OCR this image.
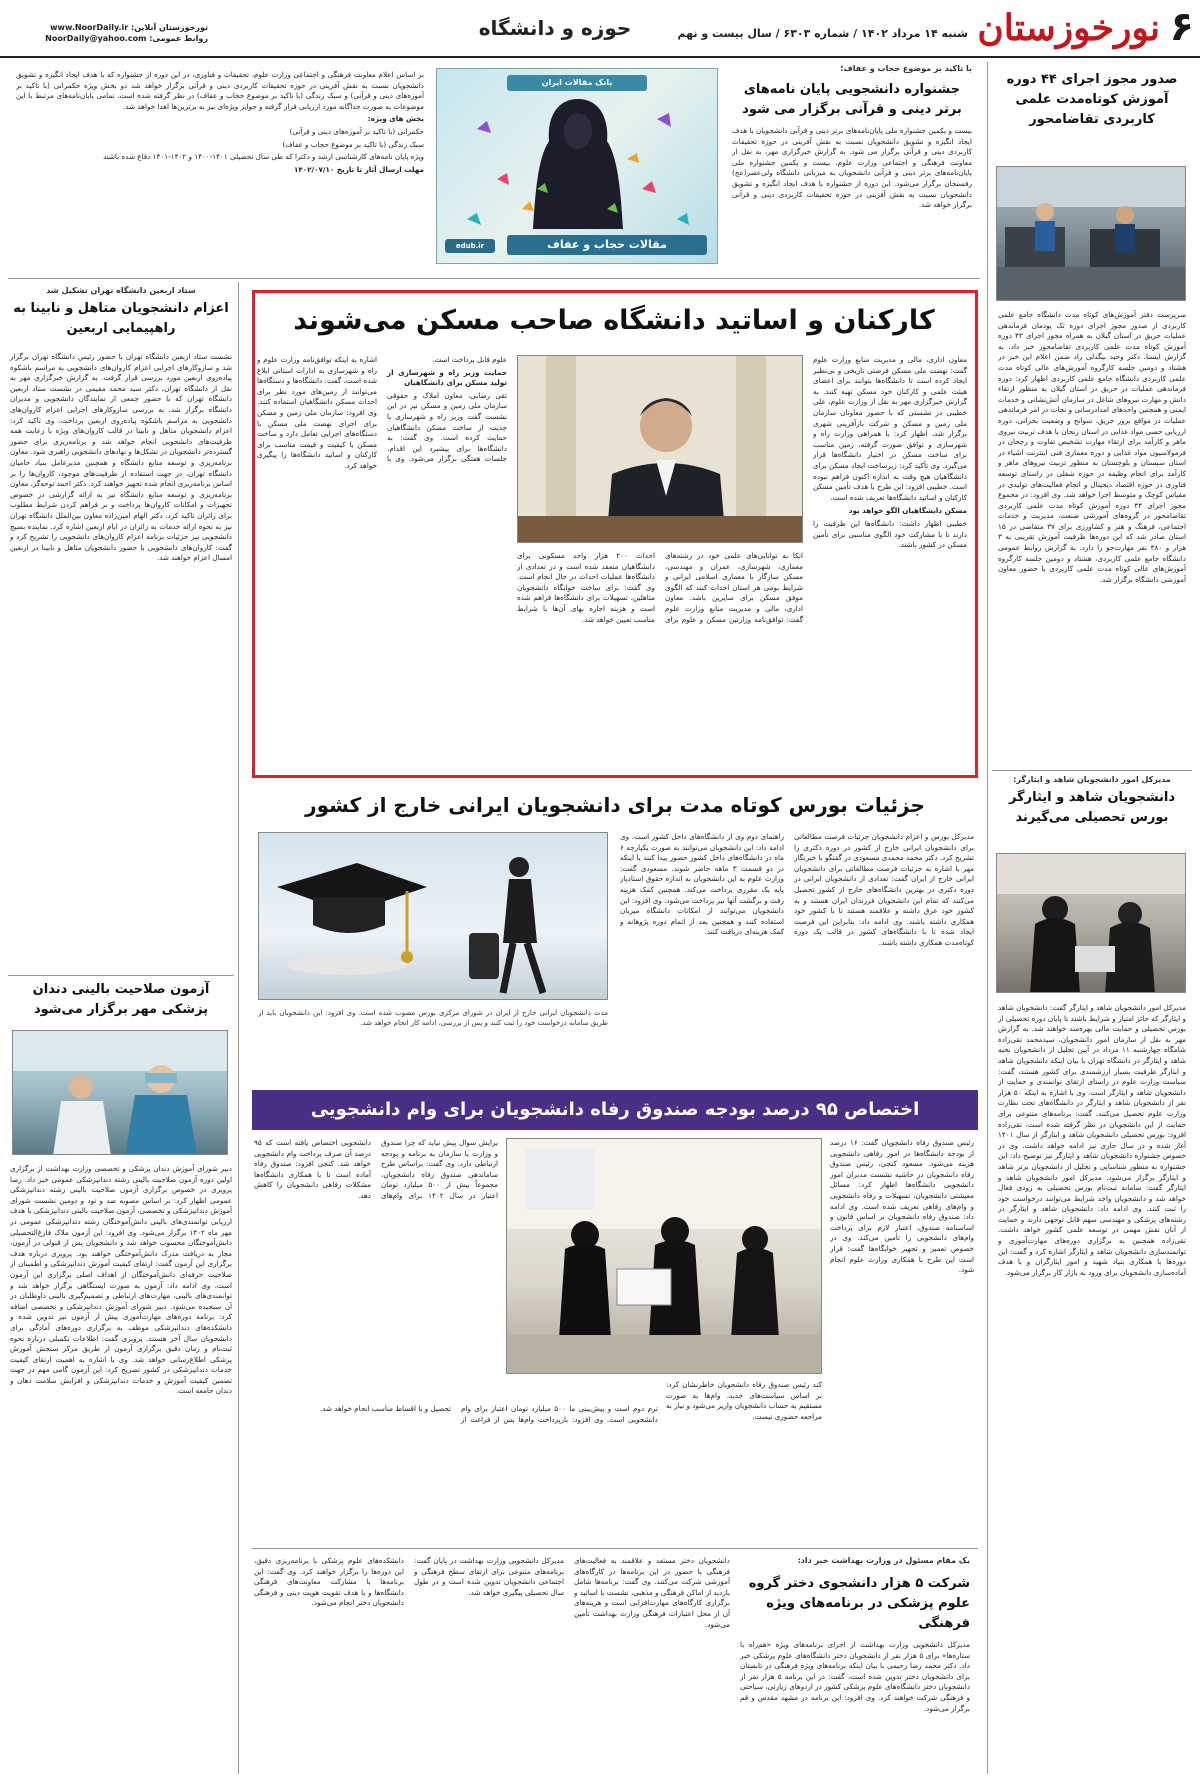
۶
نورخوزستان
شنبه ۱۴ مرداد ۱۴۰۲ / شماره ۶۳۰۳ / سال بیست و نهم
حوزه و دانشگاه
نورخوزستان آنلاین: www.NoorDaily.ir
روابط عمومی: NoorDaily@yahoo.com
صدور مجوز اجرای ۴۴ دوره آموزش کوتاه‌مدت علمی کاربردی تقاضامحور
سرپرست دفتر آموزش‌های کوتاه مدت دانشگاه جامع علمی کاربردی از صدور مجوز اجرای دوره تک پودمان فرماندهی عملیات حریق در استان گیلان به همراه مجوز اجرای ۴۳ دوره آموزش کوتاه مدت علمی کاربردی تقاضامحور خبر داد. به گزارش ایسنا، دکتر وحید بیگدلی راد ضمن اعلام این خبر در هشتاد و دومین جلسه کارگروه آموزش‌های عالی کوتاه مدت علمی کاربردی دانشگاه جامع علمی کاربردی اظهار کرد: دوره فرماندهی عملیات در حریق در استان گیلان به منظور ارتقاء دانش و مهارت نیروهای شاغل در سازمان آتش‌نشانی و خدمات ایمنی و همچنین واحدهای امدادرسانی و نجات در امر فرماندهی عملیات در مواقع بروز حریق، سوانح و وضعیت بحرانی، دوره ارزیابی حسی مواد غذایی در استان زنجان با هدف تربیت نیروی ماهر و کارآمد برای ارتقاء مهارت تشخیص تفاوت و رجحان در فرمولاسیون مواد غذایی و دوره معماری فنی اینترنت اشیاء در استان سیستان و بلوچستان به منظور تربیت نیروهای ماهر و کارآمد برای انجام وظیفه در حوزه شغلی در راستای توسعه فناوری در حوزه اقتصاد دیجیتال و انجام فعالیت‌های تولیدی در مقیاس کوچک و متوسط اجرا خواهد شد. وی افزود: در مجموع مجوز اجرای ۴۴ دوره آموزش کوتاه مدت علمی کاربردی تقاضامحور در گروه‌های آموزشی صنعت، مدیریت و خدمات اجتماعی، فرهنگ و هنر و کشاورزی برای ۳۷ متقاضی در ۱۵ استان صادر شد که این دوره‌ها ظرفیت آموزش تقریبی به ۳ هزار و ۳۸۰ نفر مهارت‌جو را دارد. به گزارش روابط عمومی دانشگاه جامع علمی کاربردی، هشتاد و دومین جلسه کارگروه آموزش‌های عالی کوتاه مدت علمی کاربردی با حضور معاون آموزشی دانشگاه برگزار شد.
مدیرکل امور دانشجویان شاهد و ایثارگر:
دانشجویان شاهد و ایثارگر بورس تحصیلی می‌گیرند
مدیرکل امور دانشجویان شاهد و ایثارگر گفت: دانشجویان شاهد و ایثارگر که حائز امتیاز و شرایط باشند تا پایان دوره تحصیلی از بورس تحصیلی و حمایت مالی بهره‌مند خواهند شد. به گزارش مهر به نقل از سازمان امور دانشجویان، سیدمحمد تقی‌زاده شامگاه چهارشنبه ۱۱ مرداد در آیین تجلیل از دانشجویان نخبه شاهد و ایثارگر در دانشگاه تهران با بیان اینکه دانشجویان شاهد و ایثارگر ظرفیت بسیار ارزشمندی برای کشور هستند، گفت: سیاست وزارت علوم در راستای ارتقای توانمندی و حمایت از دانشجویان شاهد و ایثارگر است. وی با اشاره به اینکه ۵۰ هزار نفر از دانشجویان شاهد و ایثارگر در دانشگاه‌های تحت نظارت وزارت علوم تحصیل می‌کنند، گفت: برنامه‌های متنوعی برای حمایت از این دانشجویان در نظر گرفته شده است. تقی‌زاده افزود: بورس تحصیلی دانشجویان شاهد و ایثارگر از سال ۱۴۰۱ آغاز شده و در سال جاری نیز ادامه خواهد داشت. وی در خصوص جشنواره دانشجویان شاهد و ایثارگر نیز توضیح داد: این جشنواره به منظور شناسایی و تجلیل از دانشجویان برتر شاهد و ایثارگر برگزار می‌شود. مدیرکل امور دانشجویان شاهد و ایثارگر گفت: سامانه ثبت‌نام بورس تحصیلی به زودی فعال خواهد شد و دانشجویان واجد شرایط می‌توانند درخواست خود را ثبت کنند. وی ادامه داد: دانشجویان شاهد و ایثارگر در رشته‌های پزشکی و مهندسی سهم قابل توجهی دارند و حمایت از آنان نقش مهمی در توسعه علمی کشور خواهد داشت. تقی‌زاده همچنین به برگزاری دوره‌های مهارت‌آموزی و توانمندسازی دانشجویان شاهد و ایثارگر اشاره کرد و گفت: این دوره‌ها با همکاری بنیاد شهید و امور ایثارگران و با هدف آماده‌سازی دانشجویان برای ورود به بازار کار برگزار می‌شود.
با تاکید بر موضوع حجاب و عفاف؛
جشنواره دانشجویی پایان نامه‌های برتر دینی و قرآنی برگزار می شود
بیست و یکمین جشنواره ملی پایان‌نامه‌های برتر دینی و قرآنی دانشجویان با هدف ایجاد انگیزه و تشویق دانشجویان نسبت به نقش آفرینی در حوزه تحقیقات کاربردی دینی و قرآنی برگزار می شود. به گزارش خبرگزاری مهر، به نقل از معاونت فرهنگی و اجتماعی وزارت علوم، بیست و یکمین جشنواره ملی پایان‌نامه‌های برتر دینی و قرآنی دانشجویان به میزبانی دانشگاه ولی‌عصر(عج) رفسنجان برگزار می‌شود. این دوره از جشنواره با هدف ایجاد انگیزه و تشویق دانشجویان نسبت به نقش آفرینی در حوزه تحقیقات کاربردی دینی و قرآنی برگزار خواهد شد.
بانک مقالات ایران
edub.ir	مقالات حجاب و عفاف

بر اساس اعلام معاونت فرهنگی و اجتماعی وزارت علوم، تحقیقات و فناوری، در این دوره از جشنواره که با هدف ایجاد انگیزه و تشویق دانشجویان نسبت به نقش آفرینی در حوزه تحقیقات کاربردی دینی و قرآنی برگزار خواهد شد دو بخش ویژه حکمرانی (با تاکید بر آموزه‌های دینی و قرآنی) و سبک زندگی (با تاکید بر موضوع حجاب و عفاف) در نظر گرفته شده است. تمامی پایان‌نامه‌های مرتبط با این موضوعات به صورت جداگانه مورد ارزیابی قرار گرفته و جوایز ویژه‌ای نیز به برترین‌ها اهدا خواهد شد.

بخش های ویژه:

حکمرانی (با تاکید بر آموزه‌های دینی و قرآنی)

سبک زندگی (با تاکید بر موضوع حجاب و عفاف)

ویژه پایان نامه‌های کارشناسی ارشد و دکترا که طی سال تحصیلی ۱۴۰۱-۱۴۰۰ و ۱۴۰۲-۱۴۰۱ دفاع شده باشند

مهلت ارسال آثار تا تاریخ ۱۴۰۲/۰۷/۱۰

ستاد اربعین دانشگاه تهران تشکیل شد
اعزام دانشجویان متاهل و نابینا به راهپیمایی اربعین
نشست ستاد اربعین دانشگاه تهران با حضور رئیس دانشگاه تهران برگزار شد و سازوکارهای اجرایی اعزام کاروان‌های دانشجویی به مراسم باشکوه پیاده‌روی اربعین مورد بررسی قرار گرفت. به گزارش خبرگزاری مهر به نقل از دانشگاه تهران، دکتر سید محمد مقیمی در نشست ستاد اربعین دانشگاه تهران که با حضور جمعی از نمایندگان دانشجویی و مدیران دانشگاه برگزار شد، به بررسی سازوکارهای اجرایی اعزام کاروان‌های دانشجویی به مراسم باشکوه پیاده‌روی اربعین پرداخت. وی تاکید کرد: اعزام دانشجویان متاهل و نابینا در قالب کاروان‌های ویژه با رعایت همه ظرفیت‌های دانشجویی انجام خواهد شد و برنامه‌ریزی برای حضور گسترده‌تر دانشجویان در تشکل‌ها و نهادهای دانشجویی راهبری شود. معاون برنامه‌ریزی و توسعه منابع دانشگاه و همچنین مدیرعامل بنیاد حامیان دانشگاه تهران، در جهت استفاده از ظرفیت‌های موجود، کاروان‌ها را بر اساس برنامه‌ریزی انجام شده تجهیز خواهند کرد. دکتر احمد نوحه‌گر، معاون برنامه‌ریزی و توسعه منابع دانشگاه نیز به ارائه گزارشی در خصوص تجهیزات و امکانات کاروان‌ها پرداخت و بر فراهم کردن شرایط مطلوب برای زائران تاکید کرد. دکتر الهام امین‌زاده معاون بین‌الملل دانشگاه تهران نیز به نحوه ارائه خدمات به زائران در ایام اربعین اشاره کرد. نماینده بسیج دانشجویی نیز جزئیات برنامه اعزام کاروان‌های دانشجویی را تشریح کرد و گفت: کاروان‌های دانشجویی با حضور دانشجویان متاهل و نابینا در اربعین امسال اعزام خواهند شد.
آزمون صلاحیت بالینی دندان پزشکی مهر برگزار می‌شود
دبیر شورای آموزش دندان پزشکی و تخصصی وزارت بهداشت از برگزاری اولین دوره آزمون صلاحیت بالینی رشته دندانپزشکی عمومی خبر داد. رضا پرویزی در خصوص برگزاری آزمون صلاحیت بالینی رشته دندانپزشکی عمومی اظهار کرد: بر اساس مصوبه صد و نود و دومین نشست شورای آموزش دندانپزشکی و تخصصی، آزمون صلاحیت بالینی دندانپزشکی با هدف ارزیابی توانمندی‌های بالینی دانش‌آموختگان رشته دندانپزشکی عمومی در مهر ماه ۱۴۰۲ برگزار می‌شود. وی افزود: این آزمون ملاک فارغ‌التحصیلی دانش‌آموختگان محسوب خواهد شد و دانشجویان پس از قبولی در آزمون، مجاز به دریافت مدرک دانش‌آموختگی خواهند بود. پرویزی درباره هدف برگزاری این آزمون گفت: ارتقای کیفیت آموزش دندانپزشکی و اطمینان از صلاحیت حرفه‌ای دانش‌آموختگان از اهداف اصلی برگزاری این آزمون است. وی ادامه داد: آزمون به صورت ایستگاهی برگزار خواهد شد و توانمندی‌های بالینی، مهارت‌های ارتباطی و تصمیم‌گیری بالینی داوطلبان در آن سنجیده می‌شود. دبیر شورای آموزش دندانپزشکی و تخصصی اضافه کرد: برنامه دوره‌های مهارت‌آموزی پیش از آزمون نیز تدوین شده و دانشکده‌های دندانپزشکی موظف به برگزاری دوره‌های آمادگی برای دانشجویان سال آخر هستند. پرویزی گفت: اطلاعات تکمیلی درباره نحوه ثبت‌نام و زمان دقیق برگزاری آزمون از طریق مرکز سنجش آموزش پزشکی اطلاع‌رسانی خواهد شد. وی با اشاره به اهمیت ارتقای کیفیت خدمات دندانپزشکی در کشور تصریح کرد: این آزمون گامی مهم در جهت تضمین کیفیت آموزش و خدمات دندانپزشکی و افزایش سلامت دهان و دندان جامعه است.
کارکنان و اساتید دانشگاه صاحب مسکن می‌شوند

معاون اداری، مالی و مدیریت منابع وزارت علوم گفت: نهضت ملی مسکن فرصتی تاریخی و بی‌نظیر ایجاد کرده است تا دانشگاه‌ها بتوانند برای اعضای هیئت علمی و کارکنان خود مسکن تهیه کنند. به گزارش خبرگزاری مهر به نقل از وزارت علوم، علی خطیبی در نشستی که با حضور معاونان سازمان ملی زمین و مسکن و شرکت بازآفرینی شهری برگزار شد، اظهار کرد: با همراهی وزارت راه و شهرسازی و توافق صورت گرفته، زمین مناسب برای ساخت مسکن در اختیار دانشگاه‌ها قرار می‌گیرد. وی تأکید کرد: زیرساخت ایجاد مسکن برای دانشگاهیان هیچ وقت به اندازه اکنون فراهم نبوده است. خطیبی افزود: این طرح با هدف تأمین مسکن کارکنان و اساتید دانشگاه‌ها تعریف شده است.

مسکن دانشگاهیان الگو خواهد بود

خطیبی اظهار داشت: دانشگاه‌ها این ظرفیت را دارند تا با مشارکت خود الگوی مناسبی برای تأمین مسکن در کشور باشند.

انکا به توانایی‌های علمی خود در رشته‌های معماری، شهرسازی، عمران و مهندسی، مسکن سازگار با معماری اسلامی ایرانی و شرایط بومی هر استان احداث کنند که الگوی موفق مسکن برای سایرین باشد. معاون اداری، مالی و مدیریت منابع وزارت علوم گفت: توافق‌نامه وزارتین مسکن و علوم برای احداث ۲۰۰ هزار واحد مسکونی برای دانشگاهیان منعقد شده است و در تعدادی از دانشگاه‌ها عملیات احداث در حال انجام است. وی گفت: برای ساخت خوابگاه دانشجویان متاهلین، تسهیلات برای دانشگاه‌ها فراهم شده است و هزینه اجاره بهای آن‌ها با شرایط مناسب تعیین خواهد شد.

علوم قابل پرداخت است.

حمایت وزیر راه و شهرسازی از تولید مسکن برای دانشگاهیان

تقی رضایی، معاون املاک و حقوقی سازمان ملی زمین و مسکن نیز در این نشست گفت وزیر راه و شهرسازی با جدیت از ساخت مسکن دانشگاهیان حمایت کرده است. وی گفت: به دانشگاه‌ها برای پیشبرد این اقدام، جلسات هفتگی برگزار می‌شود. وی با اشاره به اینکه توافق‌نامه وزارت علوم و راه و شهرسازی به ادارات استانی ابلاغ شده است، گفت: دانشگاه‌ها و دستگاه‌ها می‌توانند از زمین‌های مورد نظر برای احداث مسکن دانشگاهیان استفاده کنند. وی افزود: سازمان ملی زمین و مسکن برای اجرای نهضت ملی مسکن با دستگاه‌های اجرایی تعامل دارد و ساخت مسکن با کیفیت و قیمت مناسب برای کارکنان و اساتید دانشگاه‌ها را پیگیری خواهد کرد.

جزئیات بورس کوتاه مدت برای دانشجویان ایرانی خارج از کشور
مدیرکل بورس و اعزام دانشجویان جزئیات فرصت مطالعاتی برای دانشجویان ایرانی خارج از کشور در دوره دکتری را تشریح کرد. دکتر محمد محمدی مسعودی در گفتگو با خبرنگار مهر با اشاره به جزئیات فرصت مطالعاتی برای دانشجویان ایرانی خارج از ایران گفت: تعدادی از دانشجویان ایرانی در دوره دکتری در بهترین دانشگاه‌های خارج از کشور تحصیل می‌کنند که تمام این دانشجویان فرزندان ایران هستند و به کشور خود عرق داشته و علاقمند هستند تا با کشور خود همکاری داشته باشند. وی ادامه داد: بنابراین این فرصت ایجاد شده تا با دانشگاه‌های کشور در قالب یک دوره کوتاه‌مدت همکاری داشته باشند.
راهنمای دوم وی از دانشگاه‌های داخل کشور است. وی ادامه داد: این دانشجویان می‌توانند به صورت یکپارچه ۶ ماه در دانشگاه‌های داخل کشور حضور پیدا کنند یا اینکه در دو قسمت ۳ ماهه حاضر شوند. مسعودی گفت: وزارت علوم به این دانشجویان به اندازه حقوق استادیار پایه یک مقرری پرداخت می‌کند. همچنین کمک هزینه رفت و برگشت آنها نیز پرداخت می‌شود. وی افزود: این دانشجویان می‌توانند از امکانات دانشگاه میزبان استفاده کنند و همچنین بعد از اتمام دوره پژوهانه و کمک هزینه‌ای دریافت کنند.
مدت دانشجویان ایرانی خارج از ایران در شورای مرکزی بورس مصوب شده است. وی افزود: این دانشجویان باید از طریق سامانه درخواست خود را ثبت کنند و پس از بررسی، ادامه کار انجام خواهد شد.
اختصاص ۹۵ درصد بودجه صندوق رفاه دانشجویان برای وام دانشجویی
رئیس صندوق رفاه دانشجویان گفت: ۱۶ درصد از بودجه دانشگاه‌ها در امور رفاهی دانشجویی هزینه می‌شود. مسعود کنجی، رئیس صندوق رفاه دانشجویان در حاشیه نشست مدیران امور دانشجویی دانشگاه‌ها اظهار کرد: مسائل معیشتی دانشجویان، تسهیلات و رفاه دانشجویی و وام‌های رفاهی تعریف شده است. وی ادامه داد: صندوق رفاه دانشجویان بر اساس قانون و اساسنامه صندوق، اعتبار لازم برای پرداخت وام‌های دانشجویی را تأمین می‌کند. وی در خصوص تعمیر و تجهیز خوابگاه‌ها گفت: قرار است این طرح با همکاری وزارت علوم انجام شود.
برایش سوال پیش نیاید که چرا صندوق و وزارت با سازمان به برنامه و بودجه ارتباطی دارد. وی گفت: براساس طرح ساماندهی صندوق رفاه دانشجویان، مجموعاً بیش از ۵۰۰ میلیارد تومان اعتبار در سال ۱۴۰۲ برای وام‌های دانشجویی اختصاص یافته است که ۹۵ درصد آن صرف پرداخت وام دانشجویی خواهد شد. کنجی افزود: صندوق رفاه آماده است تا با همکاری دانشگاه‌ها مشکلات رفاهی دانشجویان را کاهش دهد.
کند رئیس صندوق رفاه دانشجویان خاطرنشان کرد: بر اساس سیاست‌های جدید، وام‌ها به صورت مستقیم به حساب دانشجویان واریز می‌شود و نیاز به مراجعه حضوری نیست.
ترم دوم است و پیش‌بینی ما ۵۰۰ میلیارد تومان اعتبار برای وام دانشجویی است. وی افزود: بازپرداخت وام‌ها پس از فراغت از تحصیل و با اقساط مناسب انجام خواهد شد.
یک مقام مسئول در وزارت بهداشت خبر داد:
شرکت ۵ هزار دانشجوی دختر گروه علوم پزشکی در برنامه‌های ویژه فرهنگی
مدیرکل دانشجویی وزارت بهداشت از اجرای برنامه‌های ویژه «هم‌راه با ستاره‌ها» برای ۵ هزار نفر از دانشجویان دختر دانشگاه‌های علوم پزشکی خبر داد. دکتر محمد رضا رحیمی با بیان اینکه برنامه‌های ویژه فرهنگی در تابستان برای دانشجویان دختر تدوین شده است، گفت: در این برنامه ۵ هزار نفر از دانشجویان دختر دانشگاه‌های علوم پزشکی کشور در اردوهای زیارتی، سیاحتی و فرهنگی شرکت خواهند کرد. وی افزود: این برنامه در مشهد مقدس و قم برگزار می‌شود.
دانشجویان دختر مستعد و علاقمند به فعالیت‌های فرهنگی با حضور در این برنامه‌ها در کارگاه‌های آموزشی شرکت می‌کنند. وی گفت: برنامه‌ها شامل بازدید از اماکن فرهنگی و مذهبی، نشست با اساتید و برگزاری کارگاه‌های مهارت‌افزایی است و هزینه‌های آن از محل اعتبارات فرهنگی وزارت بهداشت تأمین می‌شود.
مدیرکل دانشجویی وزارت بهداشت در پایان گفت: برنامه‌های متنوعی برای ارتقای سطح فرهنگی و اجتماعی دانشجویان تدوین شده است و در طول سال تحصیلی پیگیری خواهد شد.
دانشکده‌های علوم پزشکی با برنامه‌ریزی دقیق، این دوره‌ها را برگزار خواهند کرد. وی گفت: این برنامه‌ها با مشارکت معاونت‌های فرهنگی دانشگاه‌ها و با هدف تقویت هویت دینی و فرهنگی دانشجویان دختر انجام می‌شود.
